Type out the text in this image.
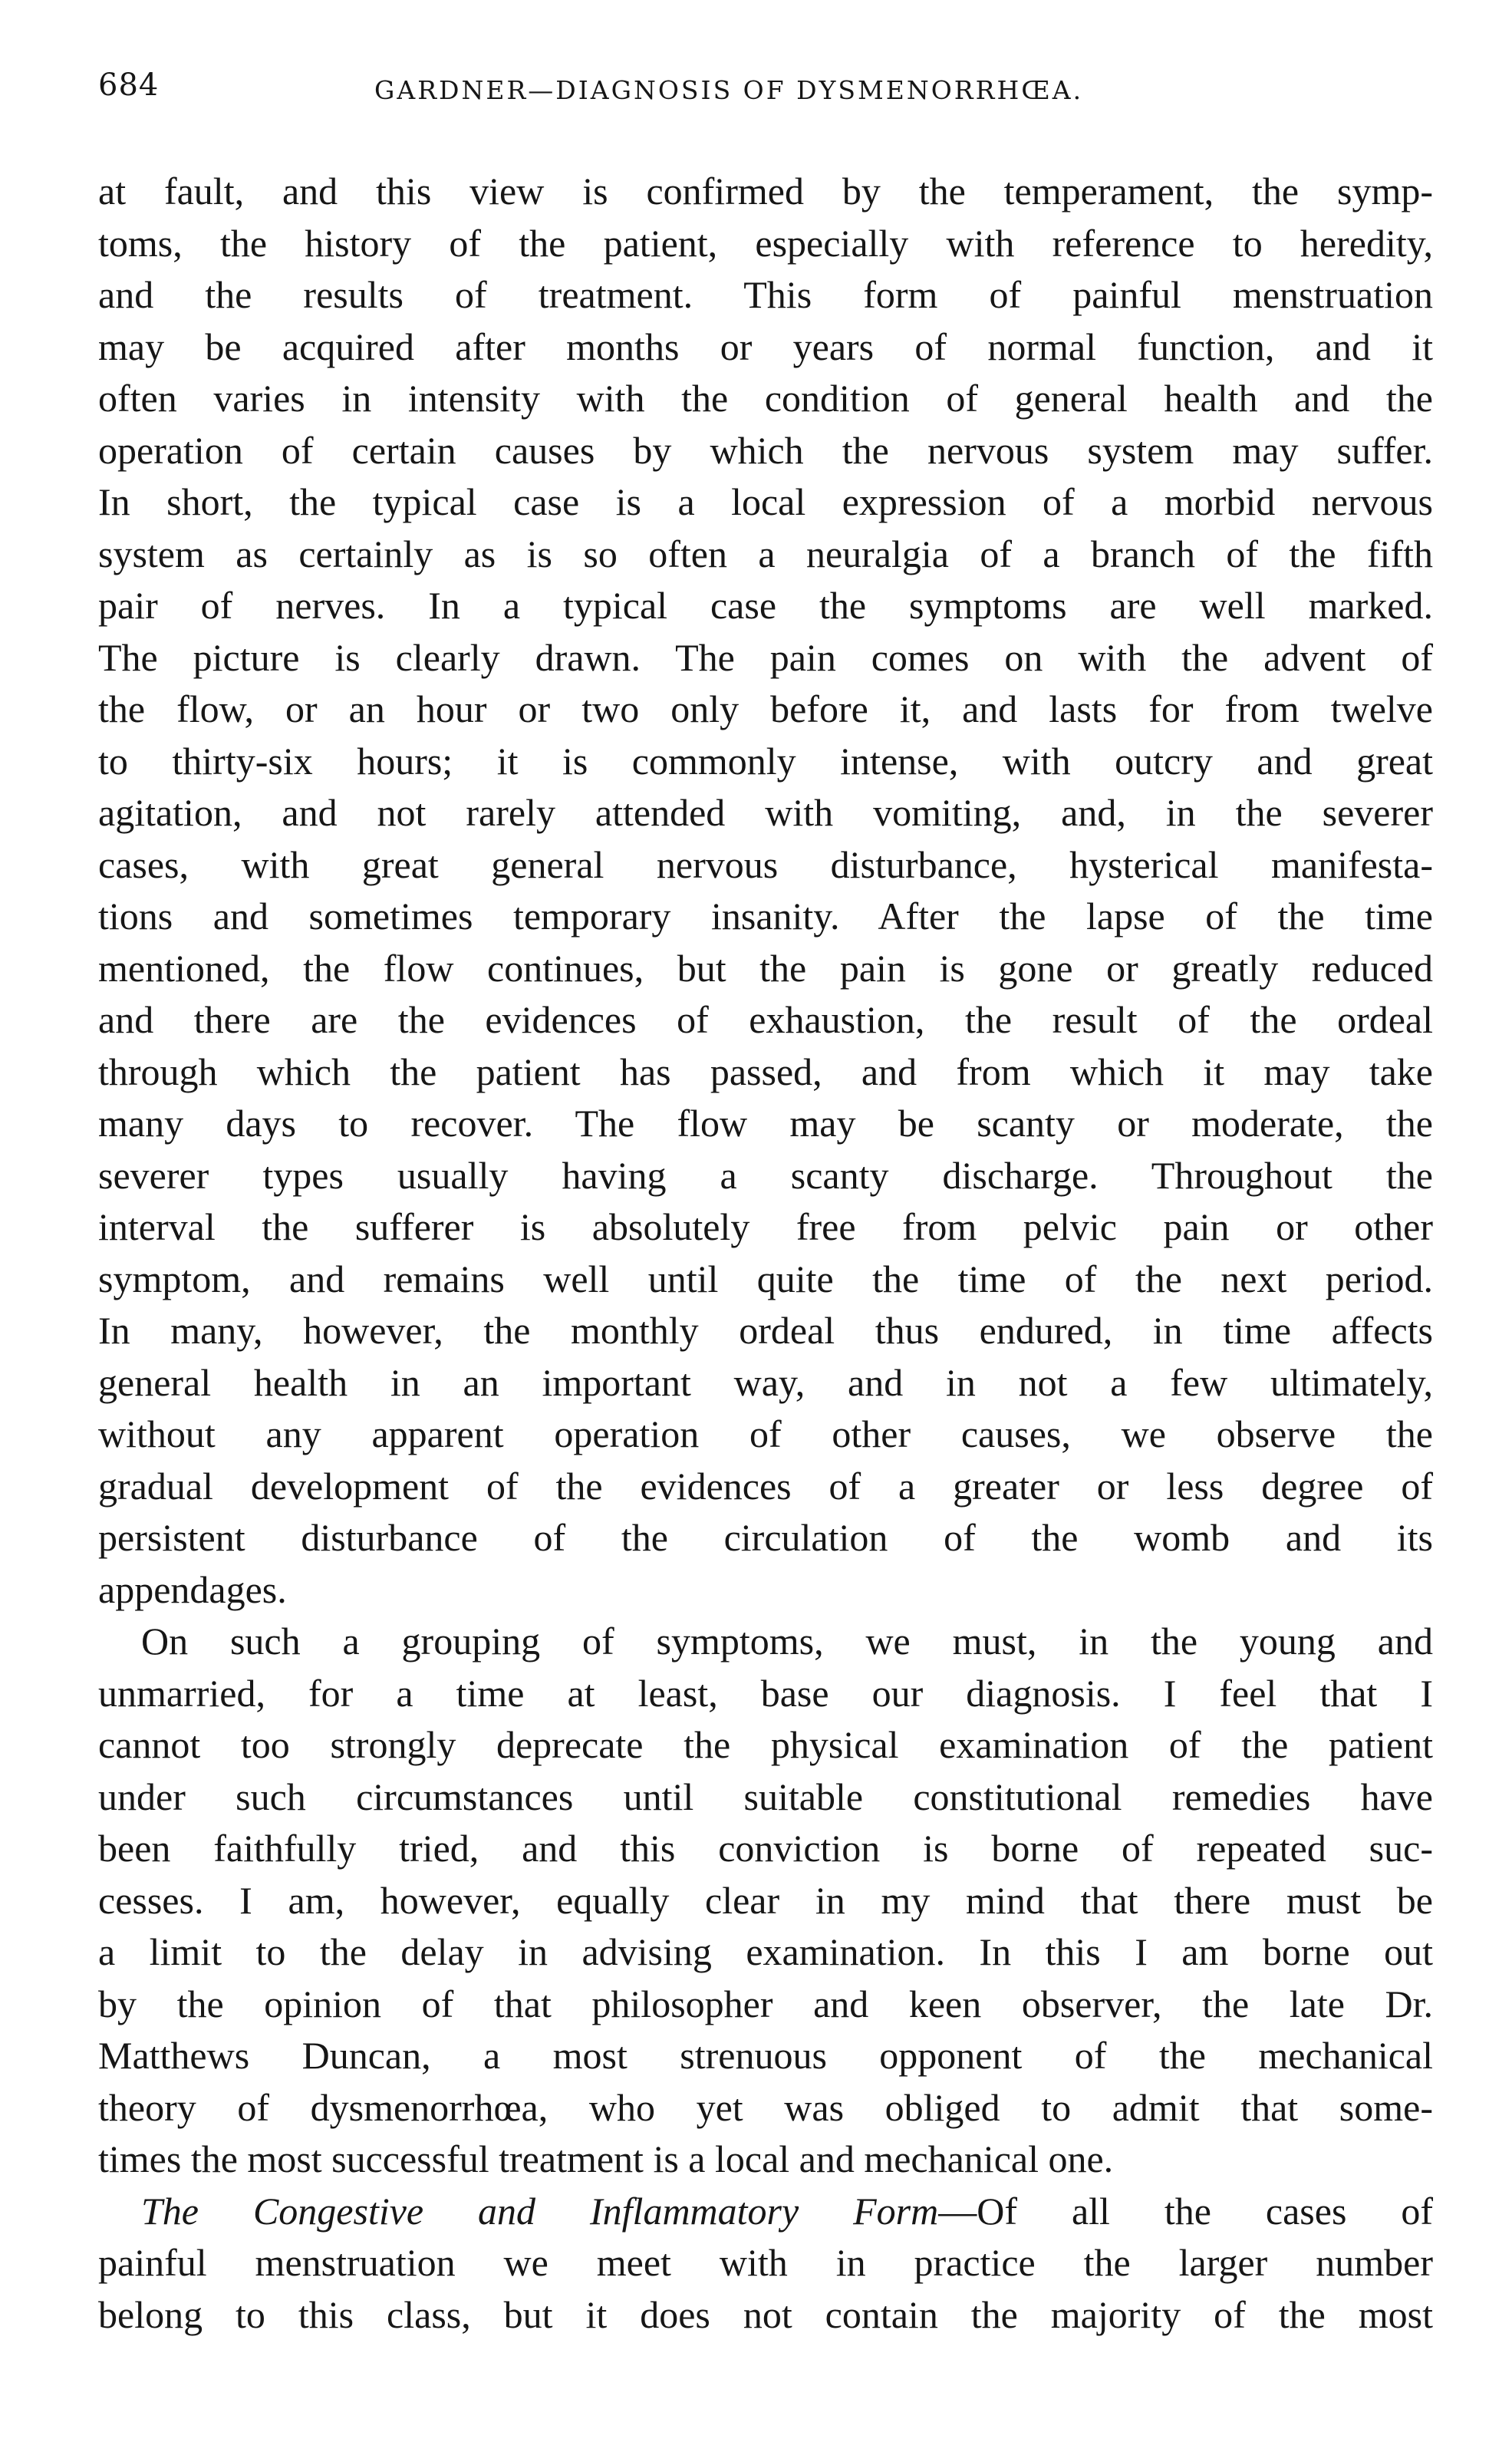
684	GARDNER—DIAGNOSIS OF DYSMENORRHŒA.
at fault, and this view is confirmed by the temperament, the symp-
toms, the history of the patient, especially with reference to heredity,
and the results of treatment. This form of painful menstruation
may be acquired after months or years of normal function, and it
often varies in intensity with the condition of general health and the
operation of certain causes by which the nervous system may suffer.
In short, the typical case is a local expression of a morbid nervous
system as certainly as is so often a neuralgia of a branch of the fifth
pair of nerves. In a typical case the symptoms are well marked.
The picture is clearly drawn. The pain comes on with the advent of
the flow, or an hour or two only before it, and lasts for from twelve
to thirty-six hours; it is commonly intense, with outcry and great
agitation, and not rarely attended with vomiting, and, in the severer
cases, with great general nervous disturbance, hysterical manifesta-
tions and sometimes temporary insanity. After the lapse of the time
mentioned, the flow continues, but the pain is gone or greatly reduced
and there are the evidences of exhaustion, the result of the ordeal
through which the patient has passed, and from which it may take
many days to recover. The flow may be scanty or moderate, the
severer types usually having a scanty discharge. Throughout the
interval the sufferer is absolutely free from pelvic pain or other
symptom, and remains well until quite the time of the next period.
In many, however, the monthly ordeal thus endured, in time affects
general health in an important way, and in not a few ultimately,
without any apparent operation of other causes, we observe the
gradual development of the evidences of a greater or less degree of
persistent disturbance of the circulation of the womb and its
appendages.
On such a grouping of symptoms, we must, in the young and
unmarried, for a time at least, base our diagnosis. I feel that I
cannot too strongly deprecate the physical examination of the patient
under such circumstances until suitable constitutional remedies have
been faithfully tried, and this conviction is borne of repeated suc-
cesses. I am, however, equally clear in my mind that there must be
a limit to the delay in advising examination. In this I am borne out
by the opinion of that philosopher and keen observer, the late Dr.
Matthews Duncan, a most strenuous opponent of the mechanical
theory of dysmenorrhœa, who yet was obliged to admit that some-
times the most successful treatment is a local and mechanical one.
The Congestive and Inflammatory Form—Of all the cases of
painful menstruation we meet with in practice the larger number
belong to this class, but it does not contain the majority of the most
